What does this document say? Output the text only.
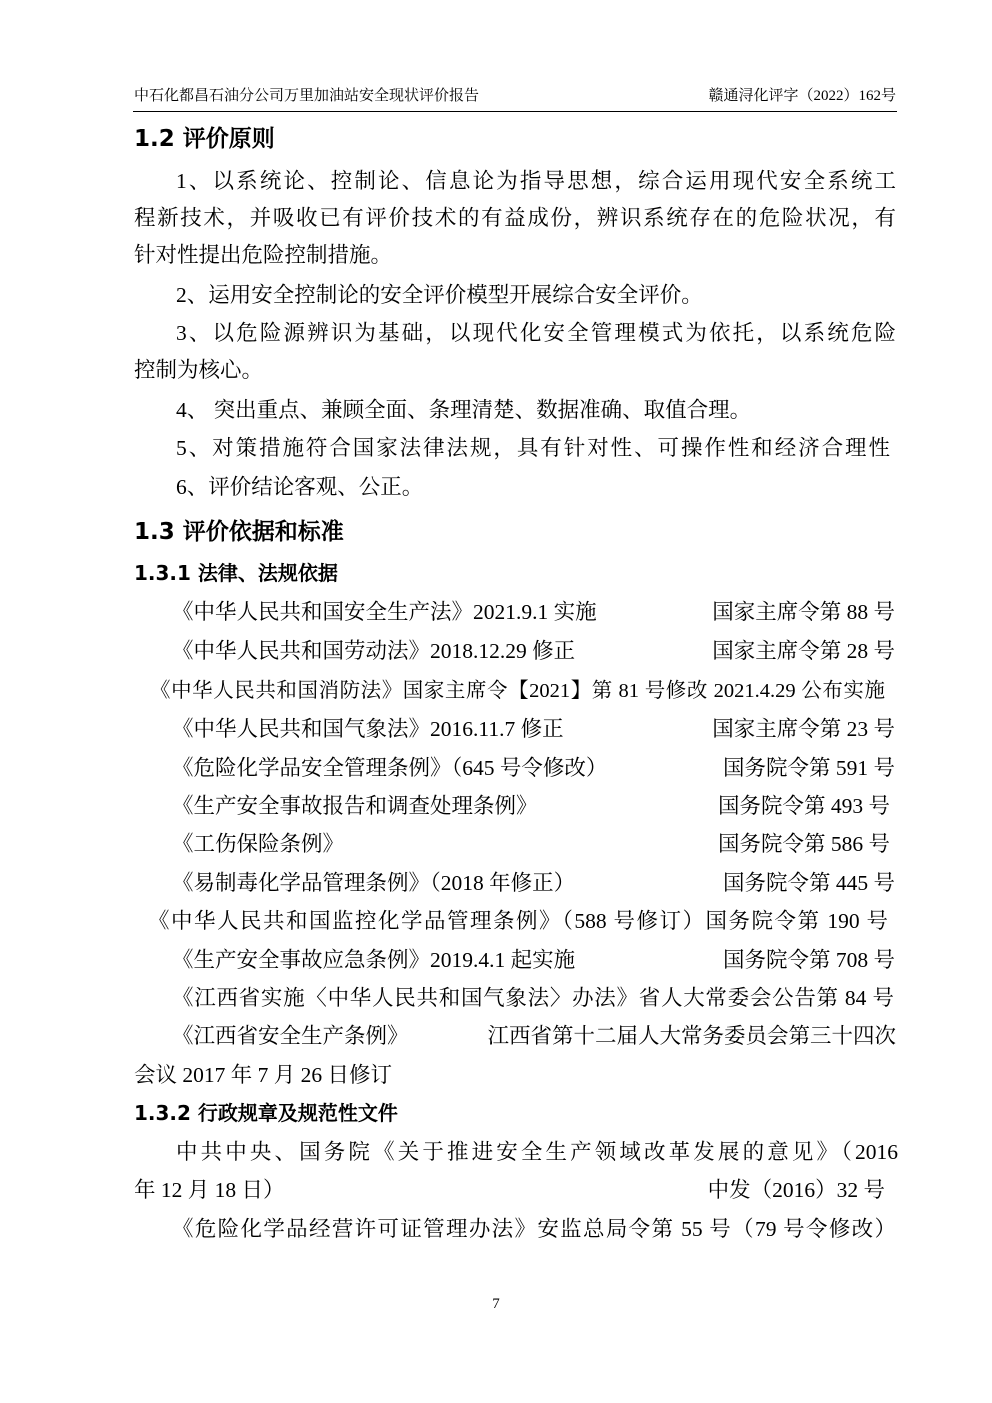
中石化都昌石油分公司万里加油站安全现状评价报告	赣通浔化评字（2022）162号
1.2 评价原则
1、以系统论、控制论、信息论为指导思想，综合运用现代安全系统工
程新技术，并吸收已有评价技术的有益成份，辨识系统存在的危险状况，有
针对性提出危险控制措施。
2、运用安全控制论的安全评价模型开展综合安全评价。
3、以危险源辨识为基础，以现代化安全管理模式为依托，以系统危险
控制为核心。
4、 突出重点、兼顾全面、条理清楚、数据准确、取值合理。
5、对策措施符合国家法律法规，具有针对性、可操作性和经济合理性
6、评价结论客观、公正。
1.3 评价依据和标准
1.3.1 法律、法规依据
《中华人民共和国安全生产法》2021.9.1 实施	国家主席令第 88 号
《中华人民共和国劳动法》2018.12.29 修正	国家主席令第 28 号
《中华人民共和国消防法》国家主席令【2021】第 81 号修改 2021.4.29 公布实施
《中华人民共和国气象法》2016.11.7 修正	国家主席令第 23 号
《危险化学品安全管理条例》（645 号令修改）	国务院令第 591 号
《生产安全事故报告和调查处理条例》	国务院令第 493 号
《工伤保险条例》	国务院令第 586 号
《易制毒化学品管理条例》（2018 年修正）	国务院令第 445 号
《中华人民共和国监控化学品管理条例》（588 号修订）国务院令第 190 号
《生产安全事故应急条例》2019.4.1 起实施	国务院令第 708 号
《江西省实施〈中华人民共和国气象法〉办法》省人大常委会公告第 84 号
《江西省安全生产条例》	江西省第十二届人大常务委员会第三十四次
会议 2017 年 7 月 26 日修订
1.3.2 行政规章及规范性文件
中共中央、国务院《关于推进安全生产领域改革发展的意见》（2016
年 12 月 18 日）	中发（2016）32 号
《危险化学品经营许可证管理办法》安监总局令第 55 号（79 号令修改）
7
